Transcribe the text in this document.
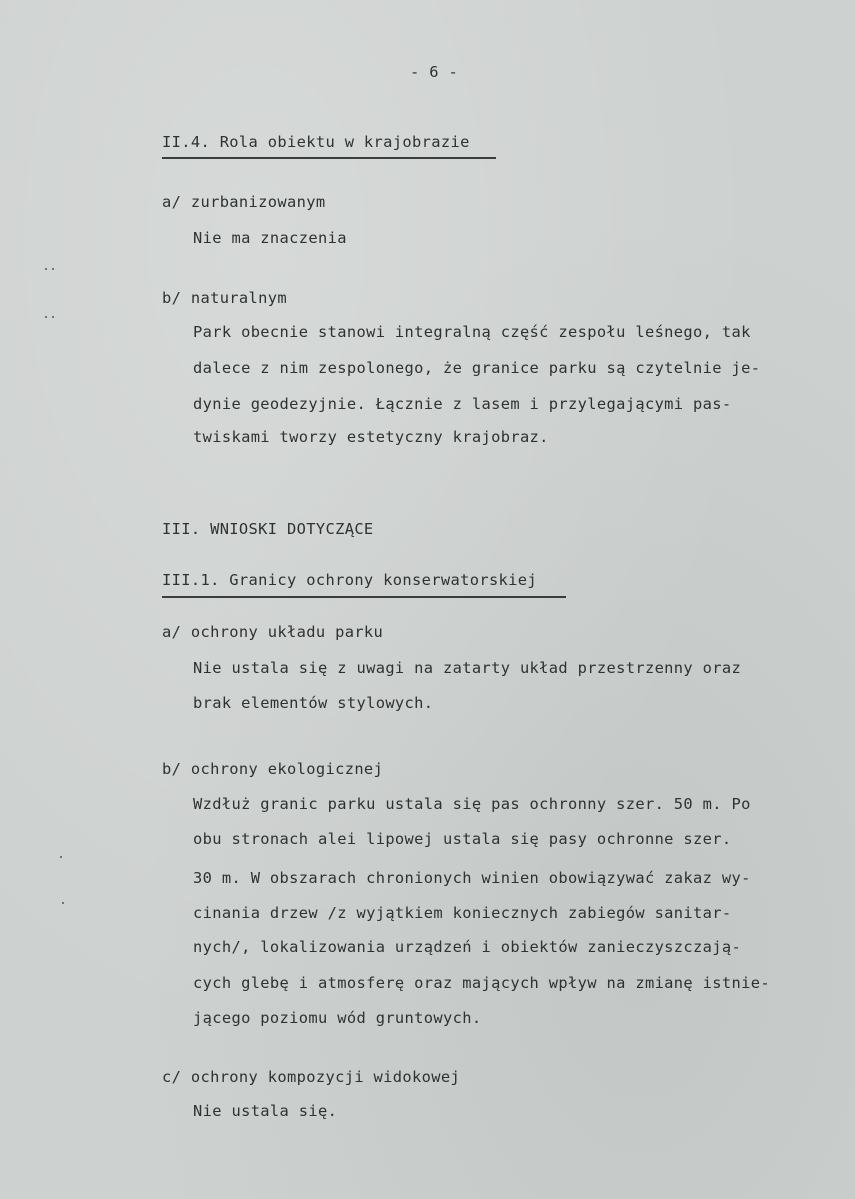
- 6 -
II.4. Rola obiektu w krajobrazie
a/ zurbanizowanym
Nie ma znaczenia
b/ naturalnym
Park obecnie stanowi integralną część zespołu leśnego, tak
dalece z nim zespolonego, że granice parku są czytelnie je-
dynie geodezyjnie. Łącznie z lasem i przylegającymi pas-
twiskami tworzy estetyczny krajobraz.
III. WNIOSKI DOTYCZĄCE
III.1. Granicy ochrony konserwatorskiej
a/ ochrony układu parku
Nie ustala się z uwagi na zatarty układ przestrzenny oraz
brak elementów stylowych.
b/ ochrony ekologicznej
Wzdłuż granic parku ustala się pas ochronny szer. 50 m. Po
obu stronach alei lipowej ustala się pasy ochronne szer.
30 m. W obszarach chronionych winien obowiązywać zakaz wy-
cinania drzew /z wyjątkiem koniecznych zabiegów sanitar-
nych/, lokalizowania urządzeń i obiektów zanieczyszczają-
cych glebę i atmosferę oraz mających wpływ na zmianę istnie-
jącego poziomu wód gruntowych.
c/ ochrony kompozycji widokowej
Nie ustala się.
